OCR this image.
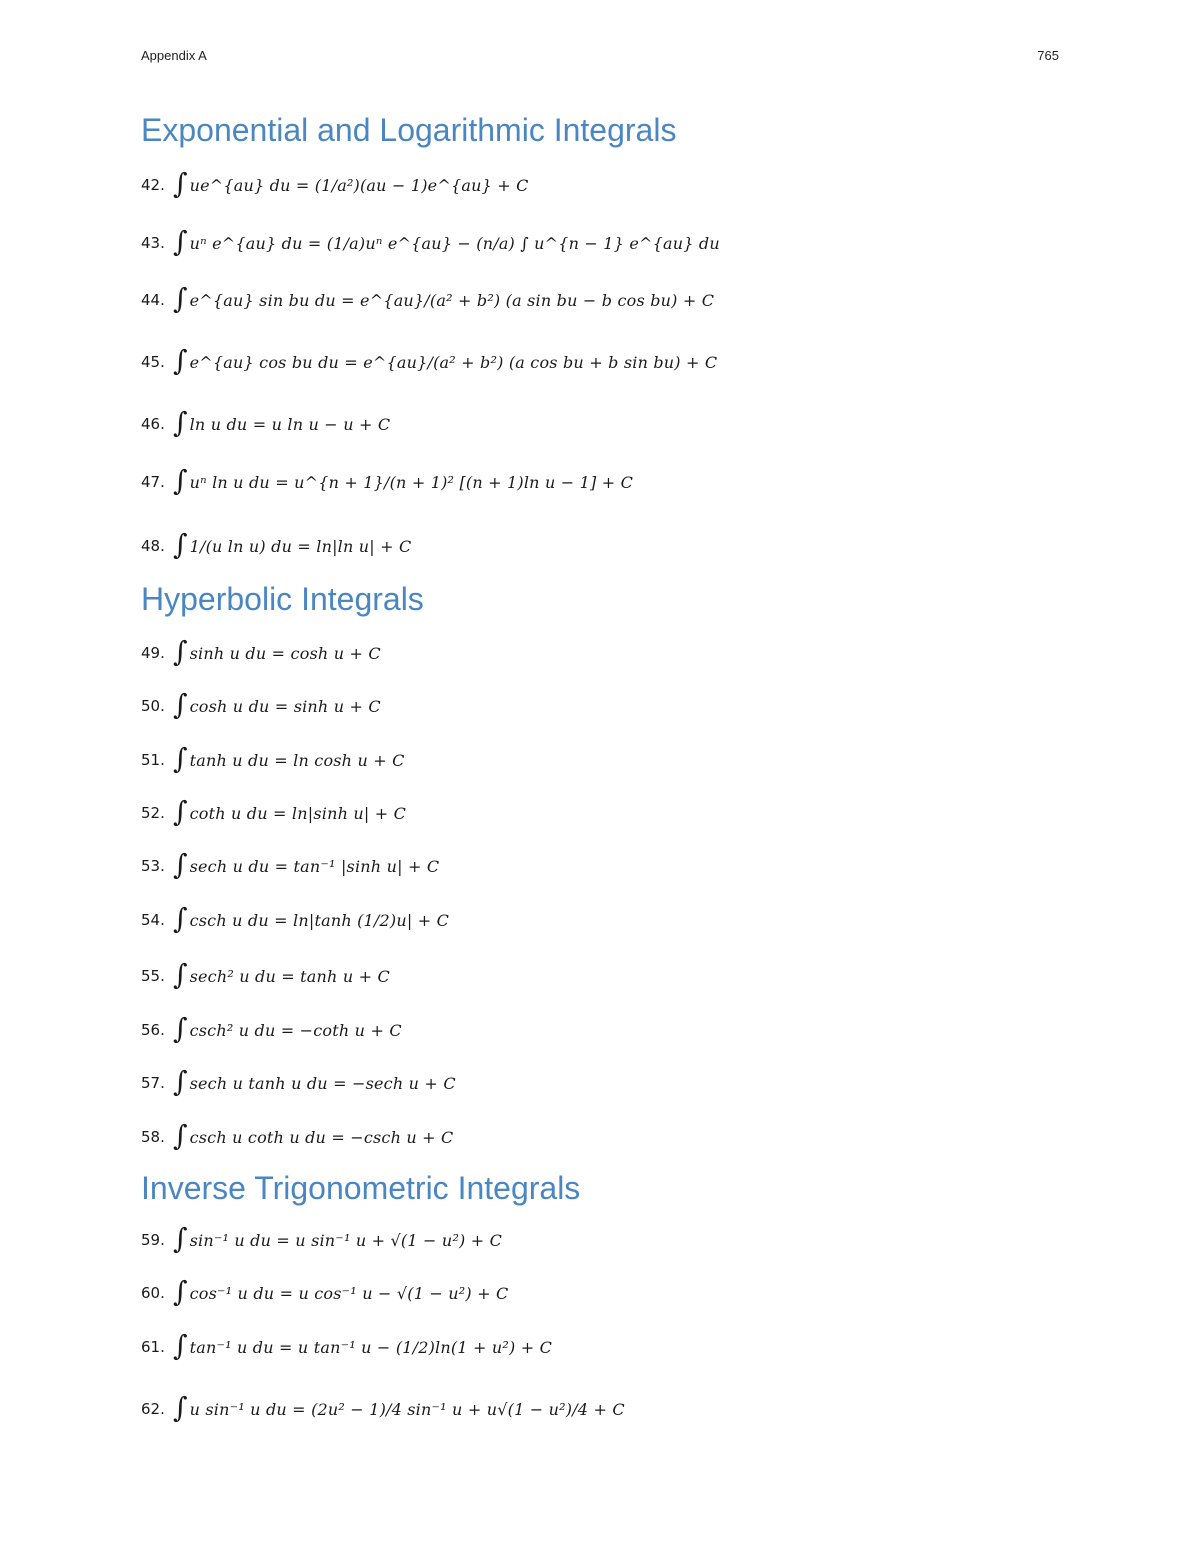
Appendix A	765
Exponential and Logarithmic Integrals
42. ∫ ue^{au} du = (1/a²)(au − 1)e^{au} + C
43. ∫ uⁿ e^{au} du = (1/a)uⁿ e^{au} − (n/a) ∫ u^{n − 1} e^{au} du
44. ∫ e^{au} sin bu du = e^{au}/(a² + b²) (a sin bu − b cos bu) + C
45. ∫ e^{au} cos bu du = e^{au}/(a² + b²) (a cos bu + b sin bu) + C
46. ∫ ln u du = u ln u − u + C
47. ∫ uⁿ ln u du = u^{n + 1}/(n + 1)² [(n + 1)ln u − 1] + C
48. ∫ 1/(u ln u) du = ln|ln u| + C
Hyperbolic Integrals
49. ∫ sinh u du = cosh u + C
50. ∫ cosh u du = sinh u + C
51. ∫ tanh u du = ln cosh u + C
52. ∫ coth u du = ln|sinh u| + C
53. ∫ sech u du = tan⁻¹ |sinh u| + C
54. ∫ csch u du = ln|tanh (1/2)u| + C
55. ∫ sech² u du = tanh u + C
56. ∫ csch² u du = −coth u + C
57. ∫ sech u tanh u du = −sech u + C
58. ∫ csch u coth u du = −csch u + C
Inverse Trigonometric Integrals
59. ∫ sin⁻¹ u du = u sin⁻¹ u + √(1 − u²) + C
60. ∫ cos⁻¹ u du = u cos⁻¹ u − √(1 − u²) + C
61. ∫ tan⁻¹ u du = u tan⁻¹ u − (1/2)ln(1 + u²) + C
62. ∫ u sin⁻¹ u du = (2u² − 1)/4 sin⁻¹ u + u√(1 − u²)/4 + C
